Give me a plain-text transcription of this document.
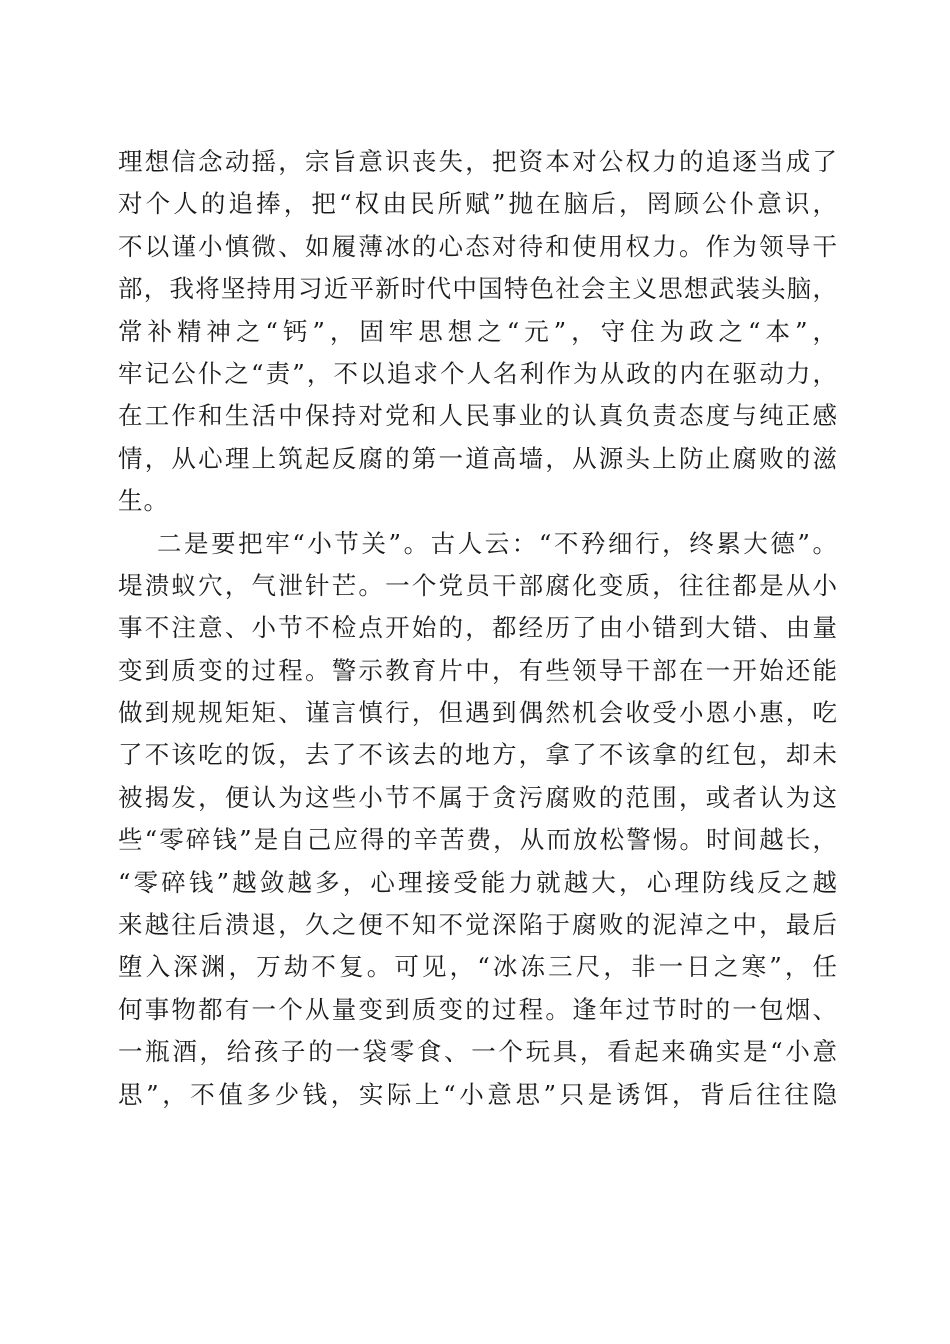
理想信念动摇，宗旨意识丧失，把资本对公权力的追逐当成了
对个人的追捧，把“权由民所赋”抛在脑后，罔顾公仆意识，
不以谨小慎微、如履薄冰的心态对待和使用权力。作为领导干
部，我将坚持用习近平新时代中国特色社会主义思想武装头脑，
常补精神之“钙”，固牢思想之“元”，守住为政之“本”，
牢记公仆之“责”，不以追求个人名利作为从政的内在驱动力，
在工作和生活中保持对党和人民事业的认真负责态度与纯正感
情，从心理上筑起反腐的第一道高墙，从源头上防止腐败的滋
生。
二是要把牢“小节关”。古人云：“不矜细行，终累大德”。
堤溃蚁穴，气泄针芒。一个党员干部腐化变质，往往都是从小
事不注意、小节不检点开始的，都经历了由小错到大错、由量
变到质变的过程。警示教育片中，有些领导干部在一开始还能
做到规规矩矩、谨言慎行，但遇到偶然机会收受小恩小惠，吃
了不该吃的饭，去了不该去的地方，拿了不该拿的红包，却未
被揭发，便认为这些小节不属于贪污腐败的范围，或者认为这
些“零碎钱”是自己应得的辛苦费，从而放松警惕。时间越长，
“零碎钱”越敛越多，心理接受能力就越大，心理防线反之越
来越往后溃退，久之便不知不觉深陷于腐败的泥淖之中，最后
堕入深渊，万劫不复。可见，“冰冻三尺，非一日之寒”，任
何事物都有一个从量变到质变的过程。逢年过节时的一包烟、
一瓶酒，给孩子的一袋零食、一个玩具，看起来确实是“小意
思”，不值多少钱，实际上“小意思”只是诱饵，背后往往隐
